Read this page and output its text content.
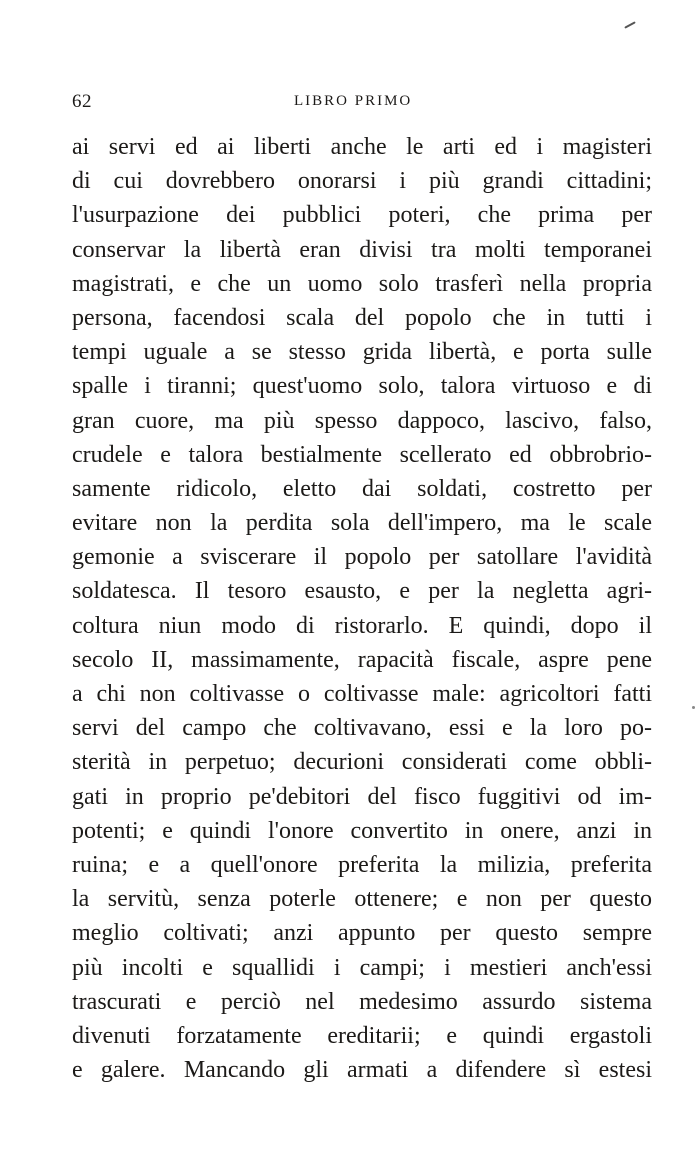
62	LIBRO PRIMO
ai servi ed ai liberti anche le arti ed i magisteri
di cui dovrebbero onorarsi i più grandi cittadini;
l'usurpazione dei pubblici poteri, che prima per
conservar la libertà eran divisi tra molti temporanei
magistrati, e che un uomo solo trasferì nella propria
persona, facendosi scala del popolo che in tutti i
tempi uguale a se stesso grida libertà, e porta sulle
spalle i tiranni; quest'uomo solo, talora virtuoso e di
gran cuore, ma più spesso dappoco, lascivo, falso,
crudele e talora bestialmente scellerato ed obbrobrio-
samente ridicolo, eletto dai soldati, costretto per
evitare non la perdita sola dell'impero, ma le scale
gemonie a sviscerare il popolo per satollare l'avidità
soldatesca. Il tesoro esausto, e per la negletta agri-
coltura niun modo di ristorarlo. E quindi, dopo il
secolo II, massimamente, rapacità fiscale, aspre pene
a chi non coltivasse o coltivasse male: agricoltori fatti
servi del campo che coltivavano, essi e la loro po-
sterità in perpetuo; decurioni considerati come obbli-
gati in proprio pe'debitori del fisco fuggitivi od im-
potenti; e quindi l'onore convertito in onere, anzi in
ruina; e a quell'onore preferita la milizia, preferita
la servitù, senza poterle ottenere; e non per questo
meglio coltivati; anzi appunto per questo sempre
più incolti e squallidi i campi; i mestieri anch'essi
trascurati e perciò nel medesimo assurdo sistema
divenuti forzatamente ereditarii; e quindi ergastoli
e galere. Mancando gli armati a difendere sì estesi
